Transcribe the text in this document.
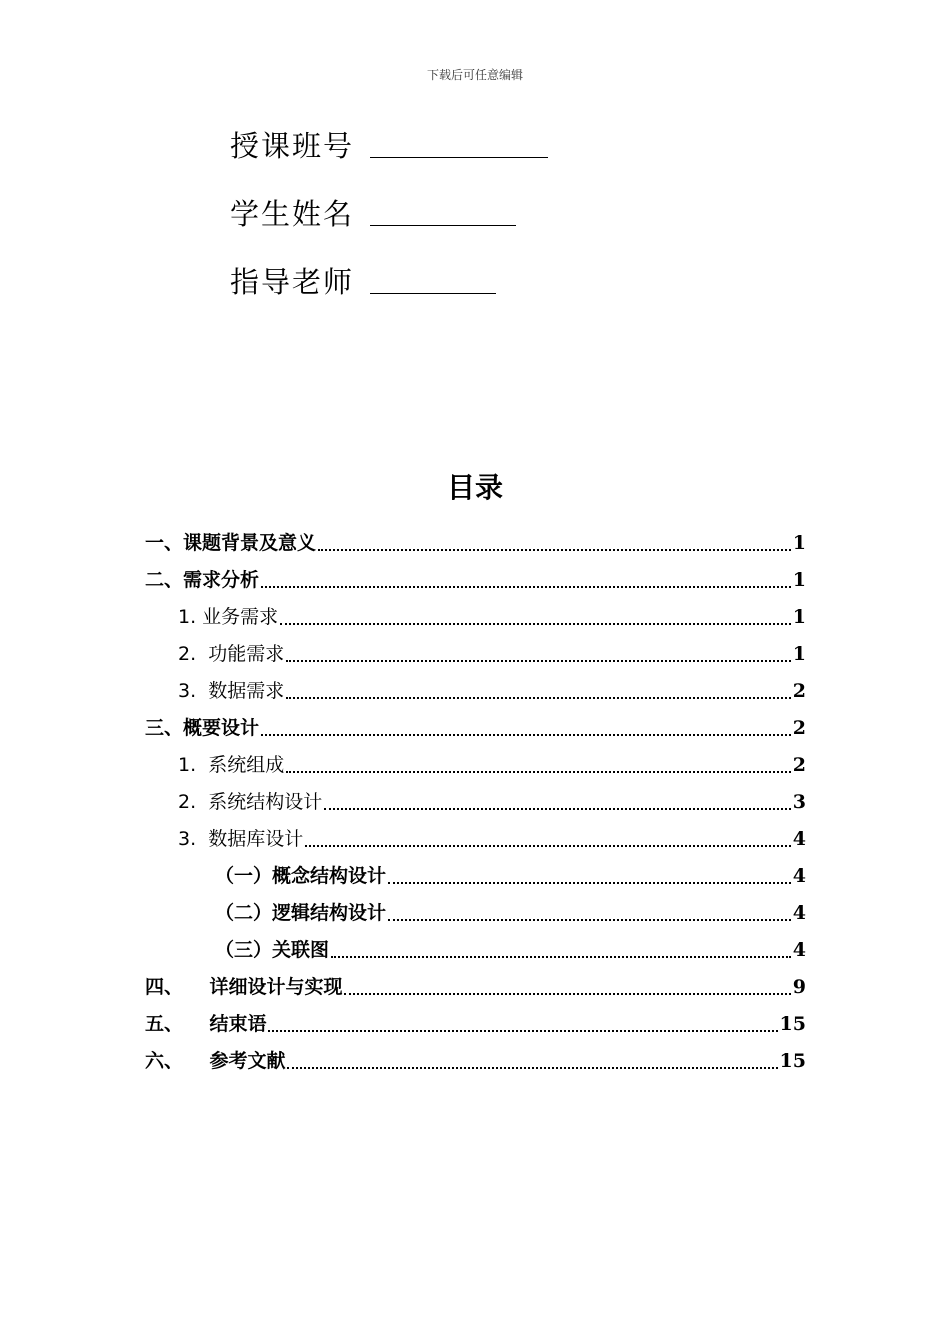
下载后可任意编辑
授课班号
学生姓名
指导老师
目录
一、课题背景及意义	1
二、需求分析	1
1. 业务需求	1
2.  功能需求	1
3.  数据需求	2
三、概要设计	2
1.  系统组成	2
2.  系统结构设计	3
3.  数据库设计	4
（一）概念结构设计	4
（二）逻辑结构设计	4
（三）关联图	4
四、    详细设计与实现	9
五、    结束语	15
六、    参考文献	15
